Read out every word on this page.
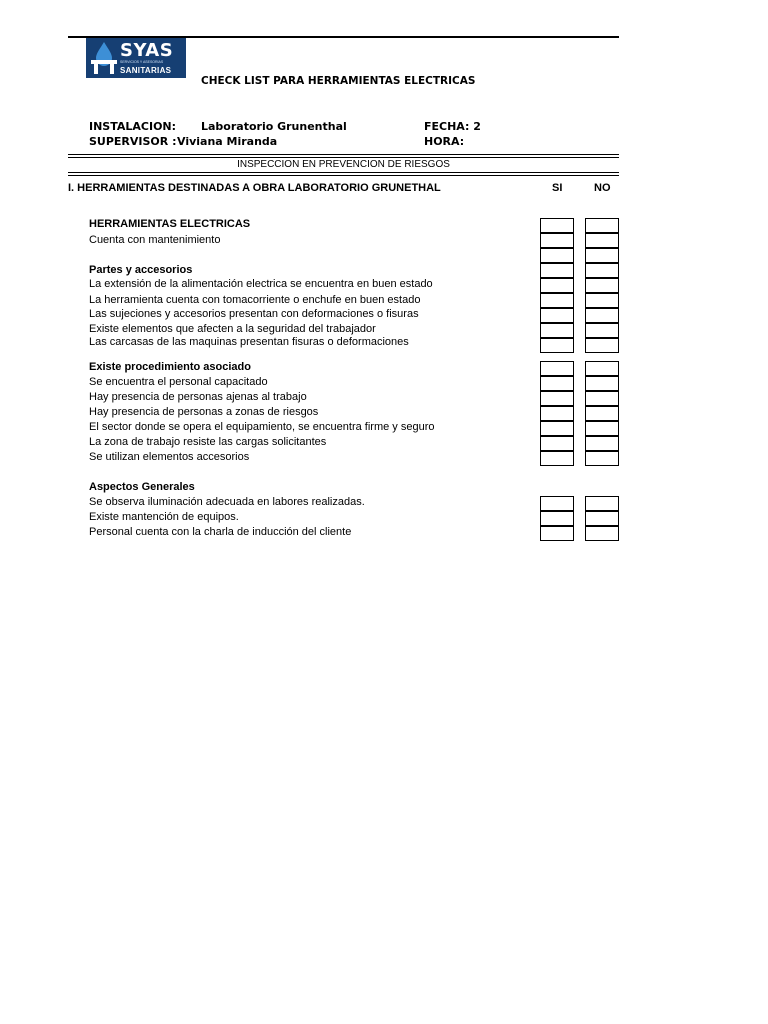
SYAS
SERVICIOS Y ASESORIAS
SANITARIAS
CHECK LIST PARA HERRAMIENTAS ELECTRICAS
INSTALACION: Laboratorio Grunenthal	FECHA: 2
SUPERVISOR : Viviana Miranda	HORA:
INSPECCION EN PREVENCION DE RIESGOS
I. HERRAMIENTAS DESTINADAS A OBRA LABORATORIO GRUNETHAL	SI	NO
HERRAMIENTAS ELECTRICAS
Cuenta con mantenimiento
Partes y accesorios
La extensión de la alimentación electrica se encuentra en buen estado
La herramienta cuenta con tomacorriente o enchufe en buen estado
Las sujeciones y accesorios presentan con deformaciones o fisuras
Existe elementos que afecten a la seguridad del trabajador
Las carcasas de las maquinas presentan fisuras o deformaciones
Existe procedimiento asociado
Se encuentra el personal capacitado
Hay presencia de personas ajenas al trabajo
Hay presencia de personas a zonas de riesgos
El sector donde se opera el equipamiento, se encuentra firme y seguro
La zona de trabajo resiste las cargas solicitantes
Se utilizan elementos accesorios
Aspectos Generales
Se observa iluminación adecuada en labores realizadas.
Existe mantención de equipos.
Personal cuenta con la charla de inducción del cliente
